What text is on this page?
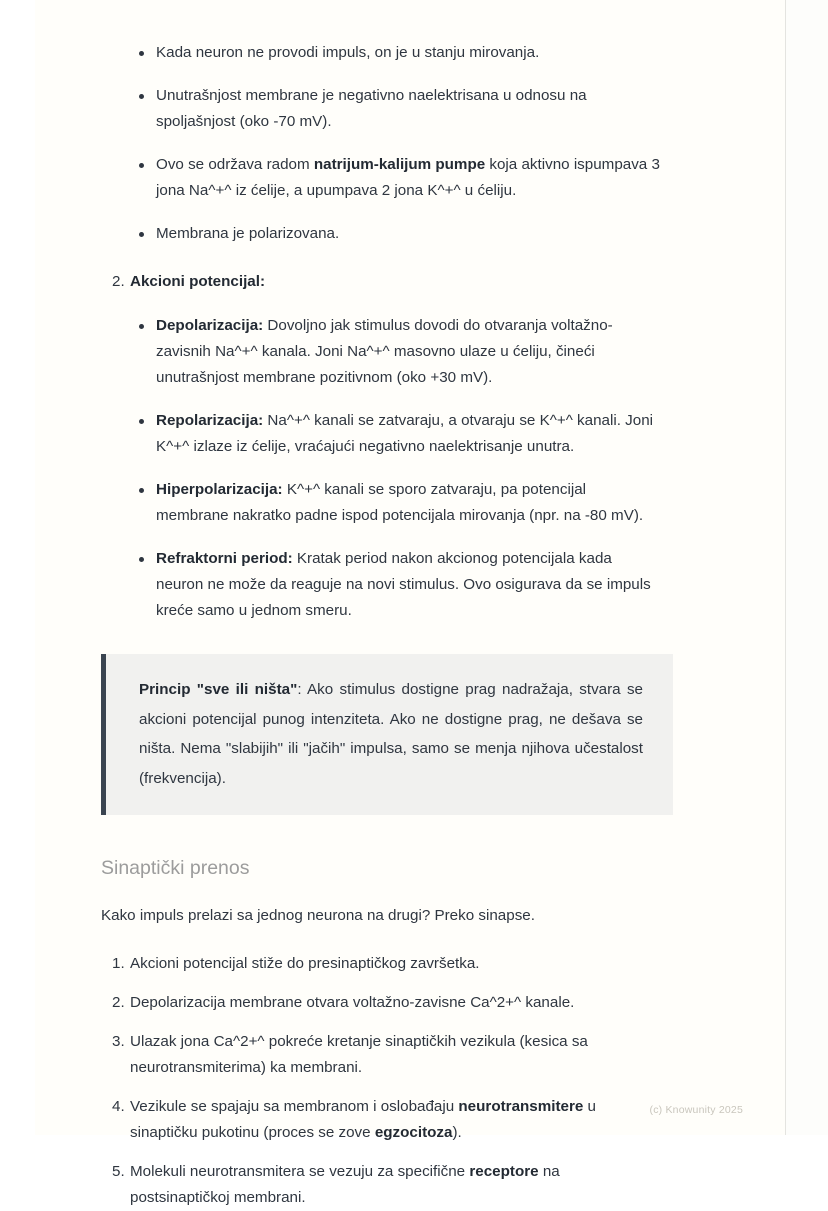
Kada neuron ne provodi impuls, on je u stanju mirovanja.
Unutrašnjost membrane je negativno naelektrisana u odnosu na spoljašnjost (oko -70 mV).
Ovo se održava radom natrijum-kalijum pumpe koja aktivno ispumpava 3 jona Na^+^ iz ćelije, a upumpava 2 jona K^+^ u ćeliju.
Membrana je polarizovana.
2. Akcioni potencijal:
Depolarizacija: Dovoljno jak stimulus dovodi do otvaranja voltažno-zavisnih Na^+^ kanala. Joni Na^+^ masovno ulaze u ćeliju, čineći unutrašnjost membrane pozitivnom (oko +30 mV).
Repolarizacija: Na^+^ kanali se zatvaraju, a otvaraju se K^+^ kanali. Joni K^+^ izlaze iz ćelije, vraćajući negativno naelektrisanje unutra.
Hiperpolarizacija: K^+^ kanali se sporo zatvaraju, pa potencijal membrane nakratko padne ispod potencijala mirovanja (npr. na -80 mV).
Refraktorni period: Kratak period nakon akcionog potencijala kada neuron ne može da reaguje na novi stimulus. Ovo osigurava da se impuls kreće samo u jednom smeru.

Princip "sve ili ništa": Ako stimulus dostigne prag nadražaja, stvara se akcioni potencijal punog intenziteta. Ako ne dostigne prag, ne dešava se ništa. Nema "slabijih" ili "jačih" impulsa, samo se menja njihova učestalost (frekvencija).

Sinaptički prenos

Kako impuls prelazi sa jednog neurona na drugi? Preko sinapse.

1. Akcioni potencijal stiže do presinaptičkog završetka.
2. Depolarizacija membrane otvara voltažno-zavisne Ca^2+^ kanale.
3. Ulazak jona Ca^2+^ pokreće kretanje sinaptičkih vezikula (kesica sa neurotransmiterima) ka membrani.
4. Vezikule se spajaju sa membranom i oslobađaju neurotransmitere u sinaptičku pukotinu (proces se zove egzocitoza).
5. Molekuli neurotransmitera se vezuju za specifične receptore na postsinaptičkoj membrani.
(c) Knowunity 2025
